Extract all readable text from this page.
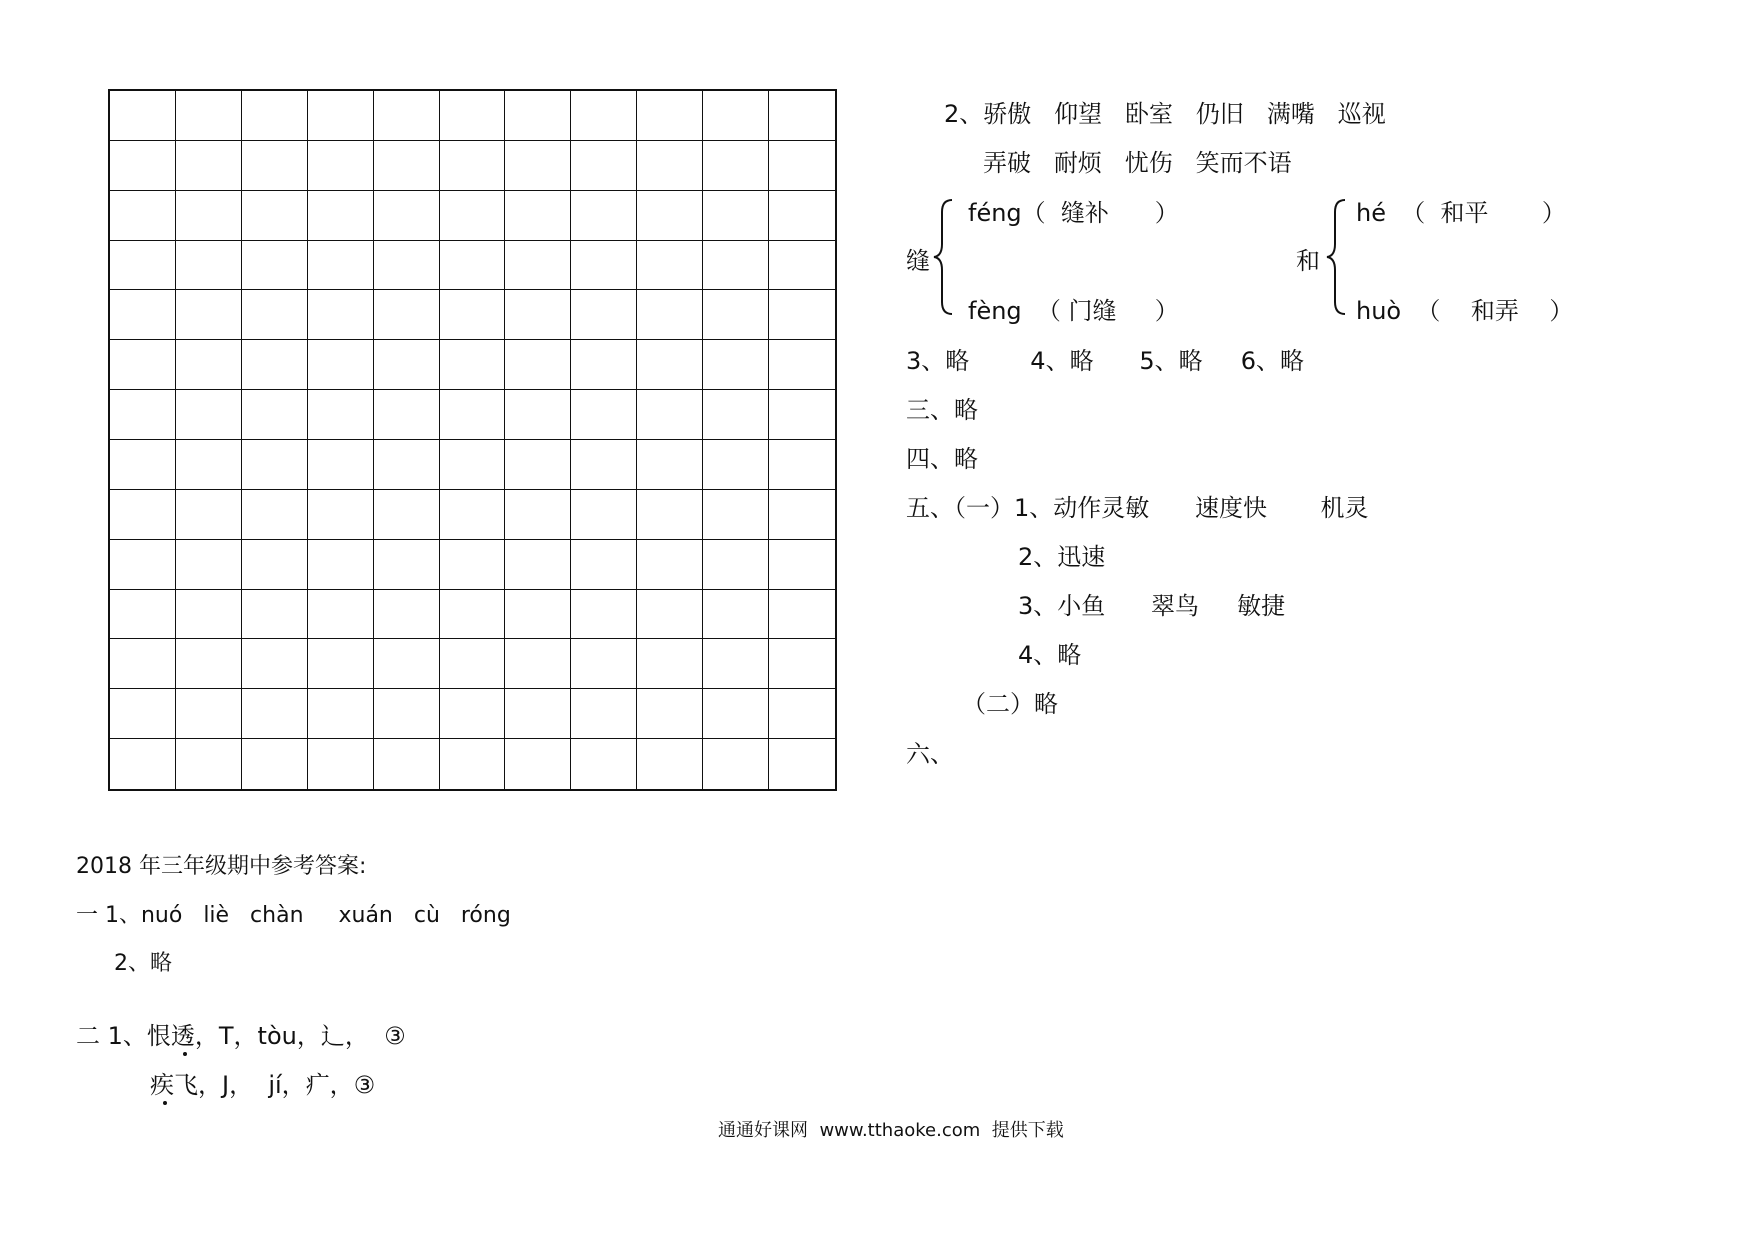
2、骄傲   仰望   卧室   仍旧   满嘴   巡视
弄破   耐烦   忧伤   笑而不语
缝
féng（  缝补      ）
fèng  （ 门缝     ）
和
hé  （  和平       ）
huò  （    和弄    ）
3、略        4、略      5、略     6、略
三、略
四、略
五、（一）1、动作灵敏      速度快       机灵
2、迅速
3、小鱼      翠鸟     敏捷
4、略
（二）略
六、
2018 年三年级期中参考答案:
一 1、nuó   liè   chàn     xuán   cù   róng
2、略
二 1、恨透，T，tòu，辶，  ③
疾飞，J，  jí，疒，③
通通好课网  www.tthaoke.com  提供下载
